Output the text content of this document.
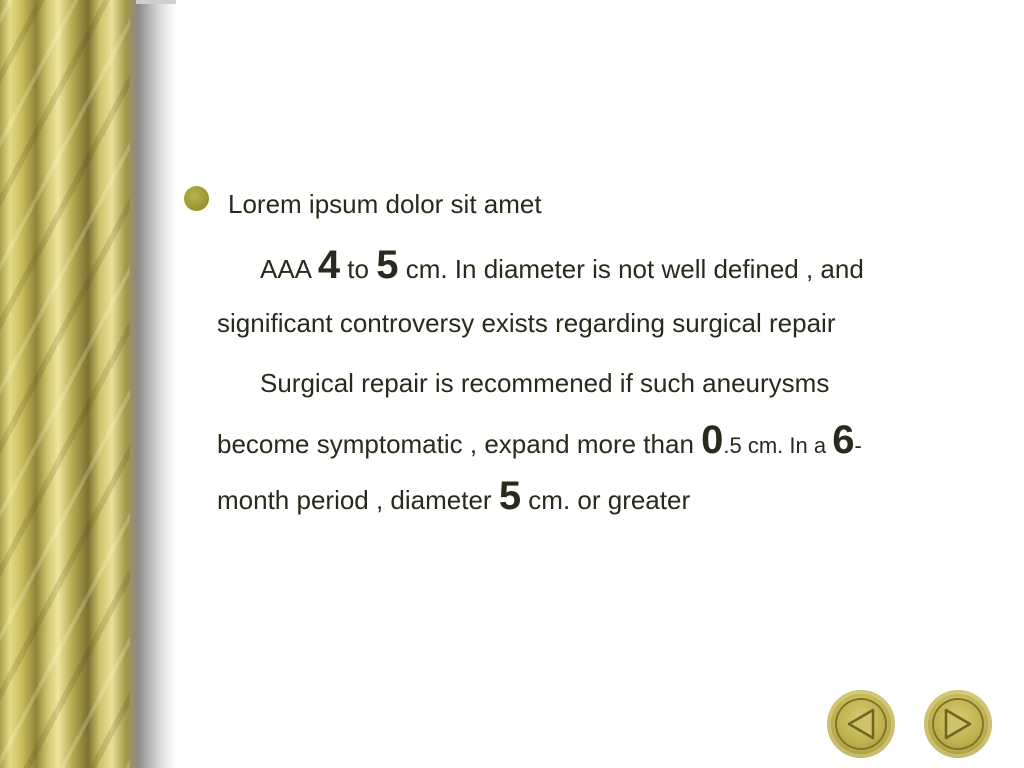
Lorem ipsum dolor sit amet
AAA 4 to 5 cm. In diameter is not well defined , and
significant controversy exists regarding surgical repair
Surgical repair is recommened if such aneurysms
become symptomatic , expand more than 0.5 cm. In a 6-
month period , diameter 5 cm. or greater
